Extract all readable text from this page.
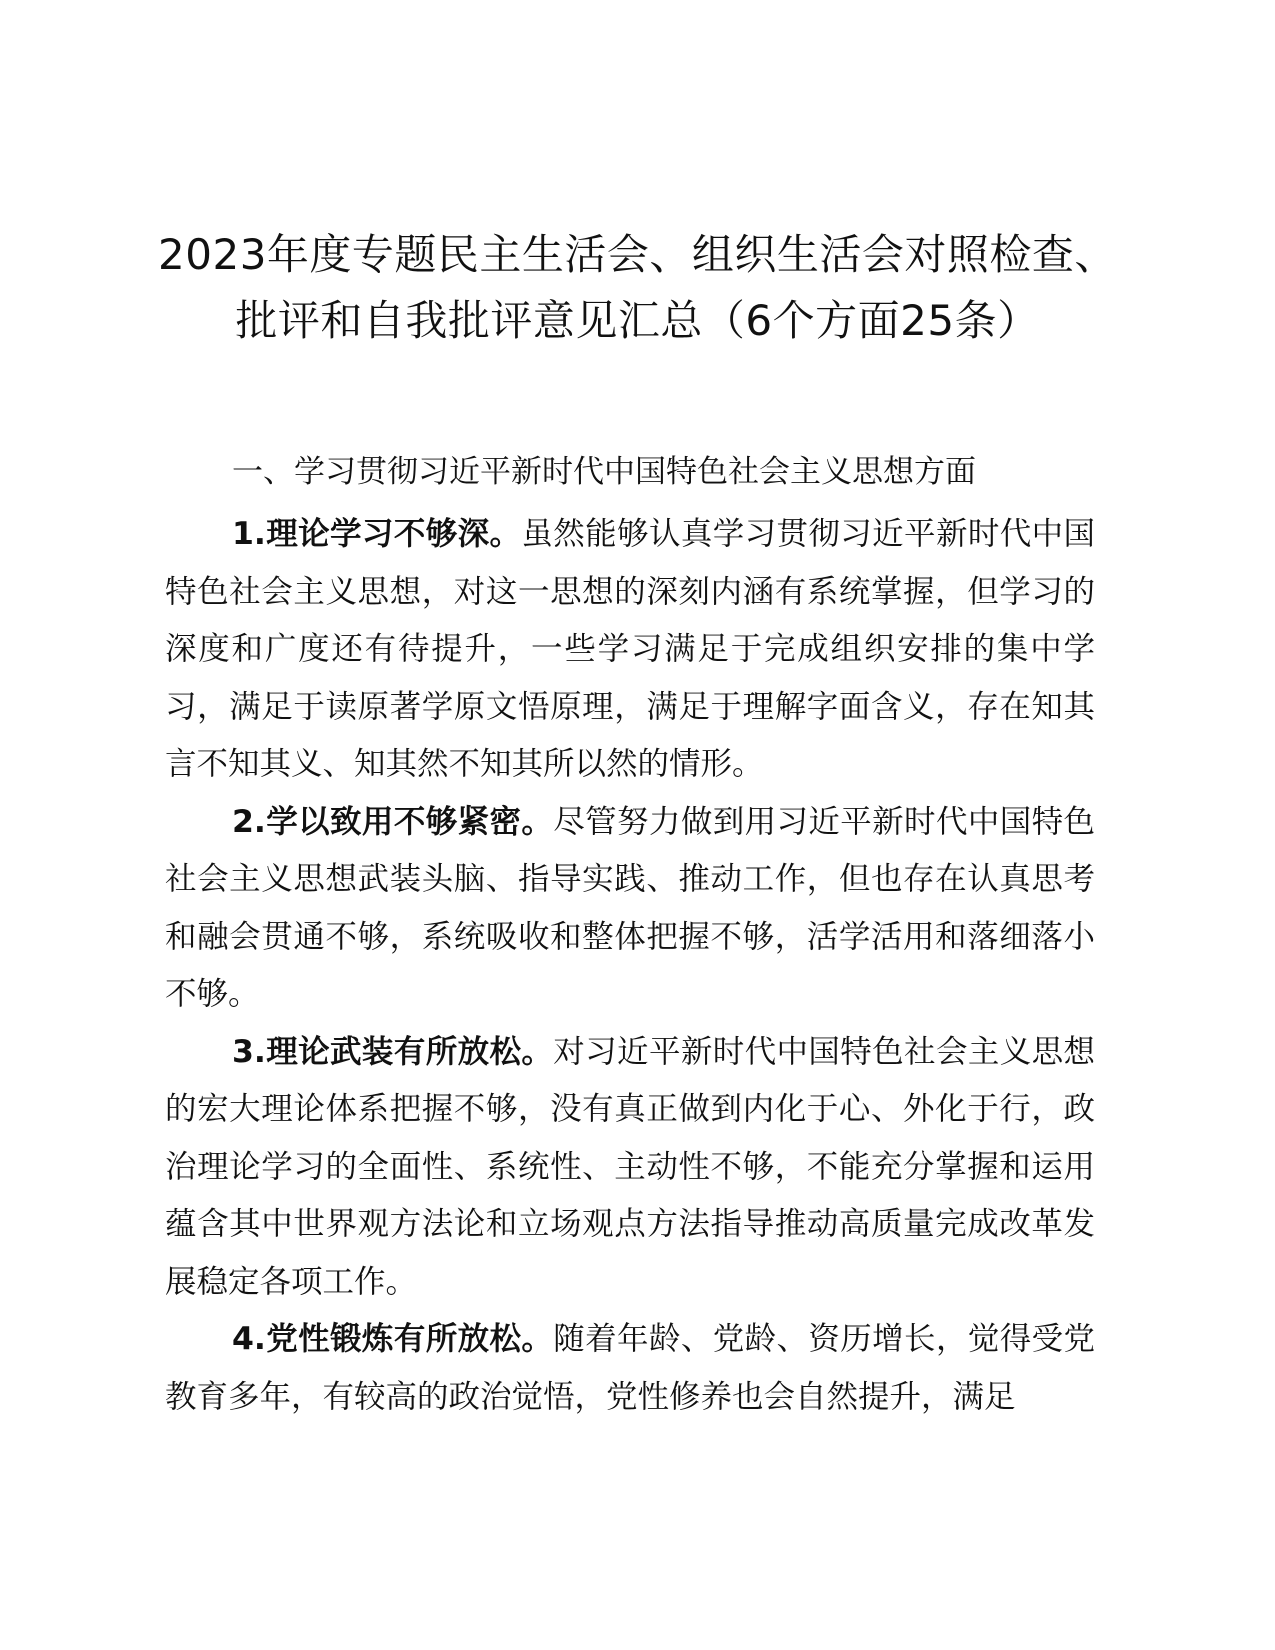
2023年度专题民主生活会、组织生活会对照检查、批评和自我批评意见汇总（6个方面25条）

一、学习贯彻习近平新时代中国特色社会主义思想方面

1.理论学习不够深。虽然能够认真学习贯彻习近平新时代中国特色社会主义思想，对这一思想的深刻内涵有系统掌握，但学习的深度和广度还有待提升，一些学习满足于完成组织安排的集中学习，满足于读原著学原文悟原理，满足于理解字面含义，存在知其言不知其义、知其然不知其所以然的情形。

2.学以致用不够紧密。尽管努力做到用习近平新时代中国特色社会主义思想武装头脑、指导实践、推动工作，但也存在认真思考和融会贯通不够，系统吸收和整体把握不够，活学活用和落细落小不够。

3.理论武装有所放松。对习近平新时代中国特色社会主义思想的宏大理论体系把握不够，没有真正做到内化于心、外化于行，政治理论学习的全面性、系统性、主动性不够，不能充分掌握和运用蕴含其中世界观方法论和立场观点方法指导推动高质量完成改革发展稳定各项工作。

4.党性锻炼有所放松。随着年龄、党龄、资历增长，觉得受党教育多年，有较高的政治觉悟，党性修养也会自然提升，满足
